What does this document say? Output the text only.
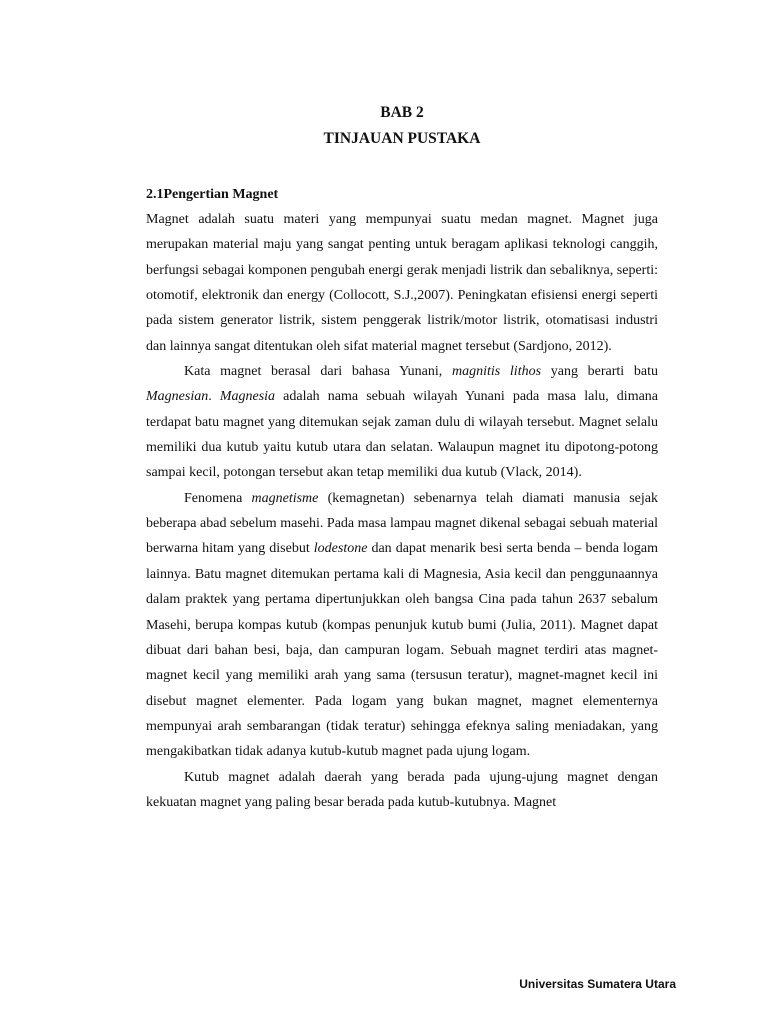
BAB 2
TINJAUAN PUSTAKA
2.1Pengertian Magnet

Magnet adalah suatu materi yang mempunyai suatu medan magnet. Magnet juga merupakan material maju yang sangat penting untuk beragam aplikasi teknologi canggih, berfungsi sebagai komponen pengubah energi gerak menjadi listrik dan sebaliknya, seperti: otomotif, elektronik dan energy (Collocott, S.J.,2007). Peningkatan efisiensi energi seperti pada sistem generator listrik, sistem penggerak listrik/motor listrik, otomatisasi industri dan lainnya sangat ditentukan oleh sifat material magnet tersebut (Sardjono, 2012).

Kata magnet berasal dari bahasa Yunani, magnitis lithos yang berarti batu Magnesian. Magnesia adalah nama sebuah wilayah Yunani pada masa lalu, dimana terdapat batu magnet yang ditemukan sejak zaman dulu di wilayah tersebut. Magnet selalu memiliki dua kutub yaitu kutub utara dan selatan. Walaupun magnet itu dipotong-potong sampai kecil, potongan tersebut akan tetap memiliki dua kutub (Vlack, 2014).

Fenomena magnetisme (kemagnetan) sebenarnya telah diamati manusia sejak beberapa abad sebelum masehi. Pada masa lampau magnet dikenal sebagai sebuah material berwarna hitam yang disebut lodestone dan dapat menarik besi serta benda – benda logam lainnya. Batu magnet ditemukan pertama kali di Magnesia, Asia kecil dan penggunaannya dalam praktek yang pertama dipertunjukkan oleh bangsa Cina pada tahun 2637 sebalum Masehi, berupa kompas kutub (kompas penunjuk kutub bumi (Julia, 2011). Magnet dapat dibuat dari bahan besi, baja, dan campuran logam. Sebuah magnet terdiri atas magnet-magnet kecil yang memiliki arah yang sama (tersusun teratur), magnet-magnet kecil ini disebut magnet elementer. Pada logam yang bukan magnet, magnet elementernya mempunyai arah sembarangan (tidak teratur) sehingga efeknya saling meniadakan, yang mengakibatkan tidak adanya kutub-kutub magnet pada ujung logam.

Kutub magnet adalah daerah yang berada pada ujung-ujung magnet dengan kekuatan magnet yang paling besar berada pada kutub-kutubnya. Magnet

Universitas Sumatera Utara
